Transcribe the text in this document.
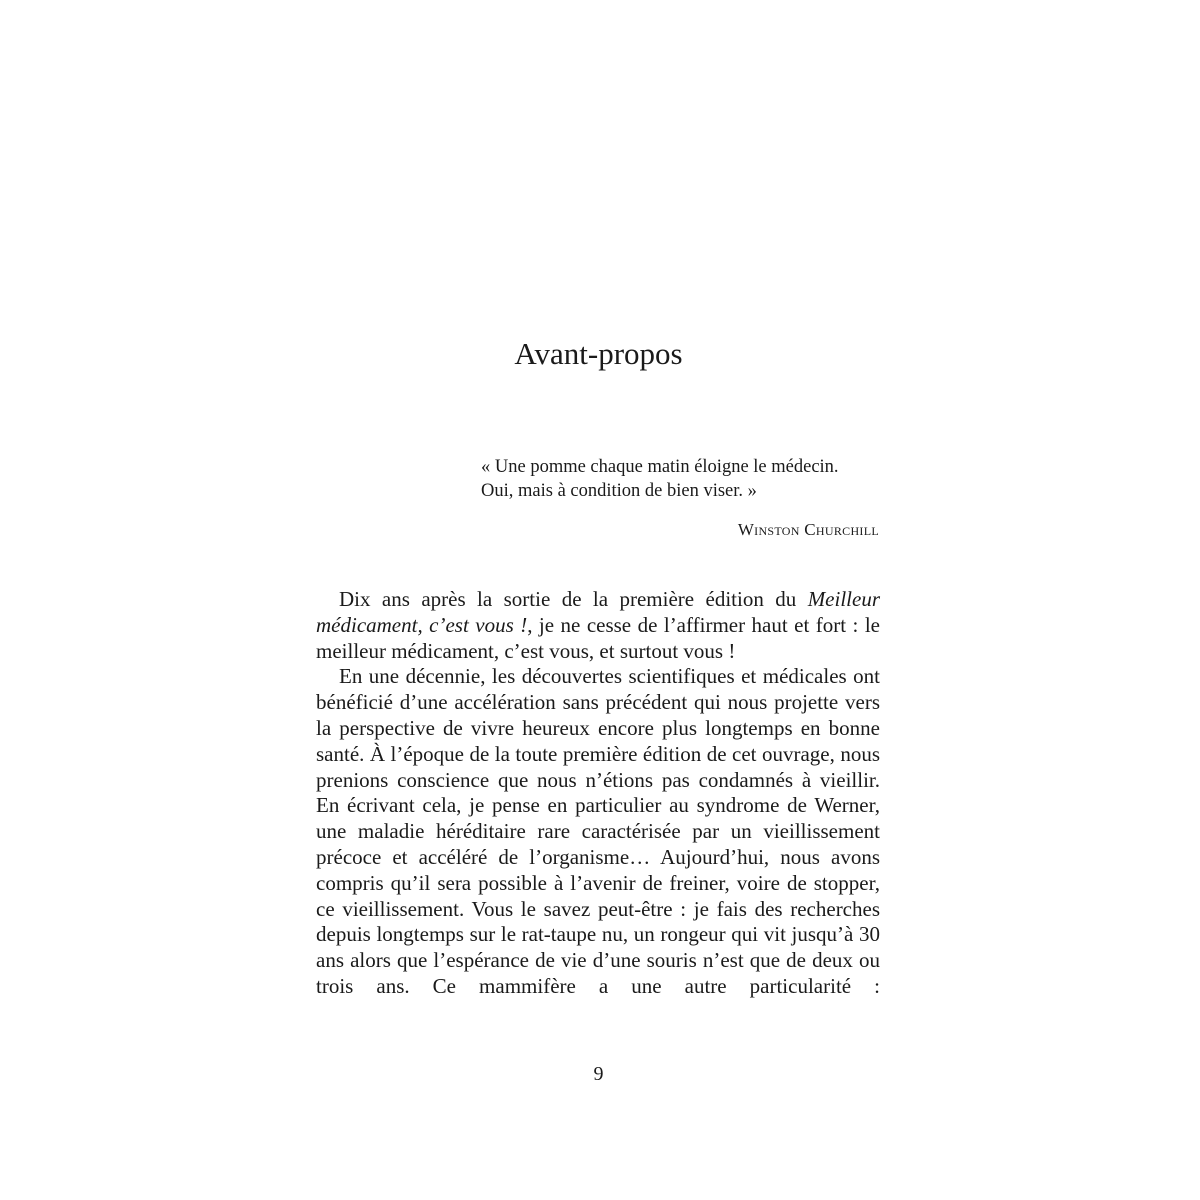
Avant-propos
« Une pomme chaque matin éloigne le médecin.
Oui, mais à condition de bien viser. »
Winston Churchill

Dix ans après la sortie de la première édition du Meilleur médicament, c’est vous !, je ne cesse de l’affirmer haut et fort : le meilleur médicament, c’est vous, et surtout vous !

En une décennie, les découvertes scientifiques et médicales ont bénéficié d’une accélération sans précédent qui nous projette vers la perspective de vivre heureux encore plus longtemps en bonne santé. À l’époque de la toute première édition de cet ouvrage, nous prenions conscience que nous n’étions pas condamnés à vieillir. En écrivant cela, je pense en particulier au syndrome de Werner, une maladie héréditaire rare caractérisée par un vieillissement précoce et accéléré de l’organisme… Aujourd’hui, nous avons compris qu’il sera possible à l’avenir de freiner, voire de stopper, ce vieillissement. Vous le savez peut-être : je fais des recherches depuis longtemps sur le rat-taupe nu, un rongeur qui vit jusqu’à 30 ans alors que l’espérance de vie d’une souris n’est que de deux ou trois ans. Ce mammifère a une autre particularité :

9
